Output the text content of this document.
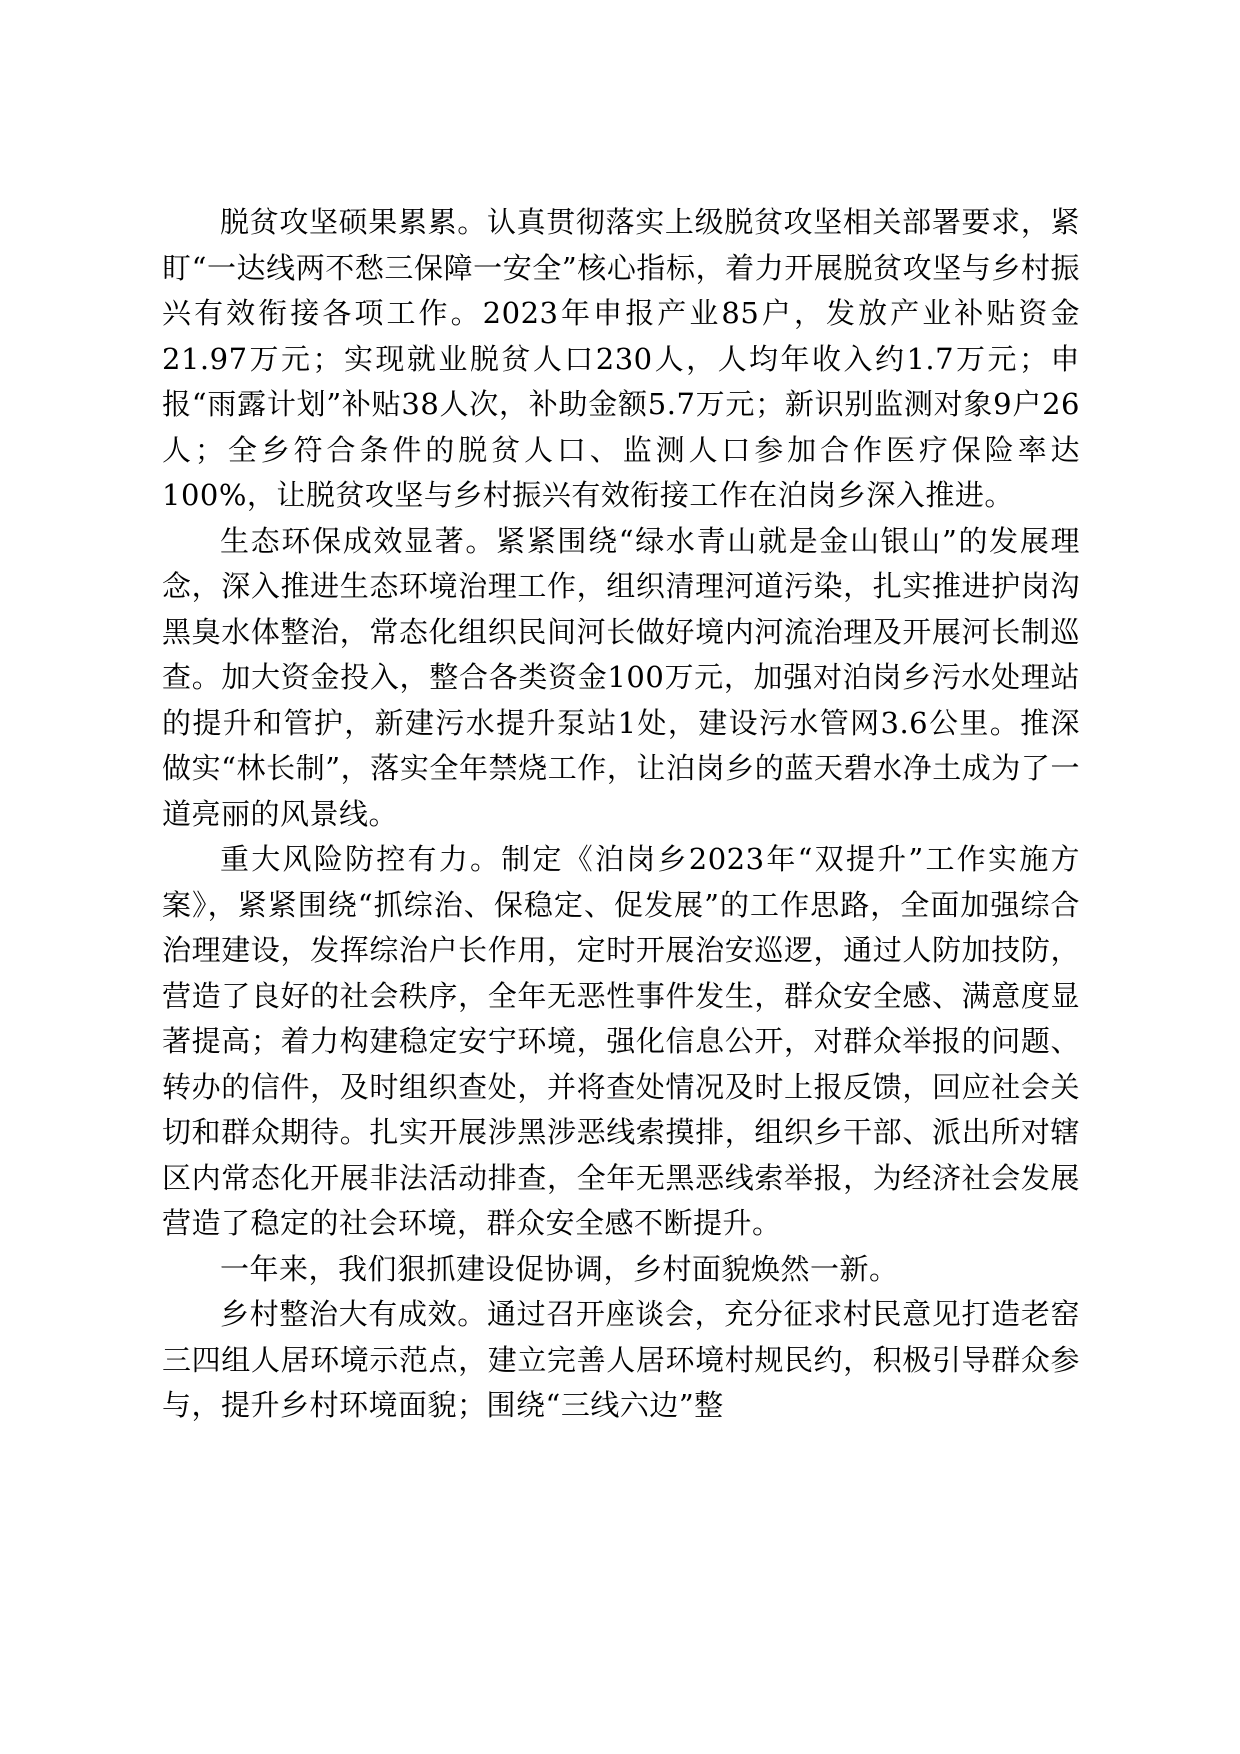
脱贫攻坚硕果累累。认真贯彻落实上级脱贫攻坚相关部署要求，紧盯“一达线两不愁三保障一安全”核心指标，着力开展脱贫攻坚与乡村振兴有效衔接各项工作。2023年申报产业85户，发放产业补贴资金21.97万元；实现就业脱贫人口230人，人均年收入约1.7万元；申报“雨露计划”补贴38人次，补助金额5.7万元；新识别监测对象9户26人；全乡符合条件的脱贫人口、监测人口参加合作医疗保险率达100%，让脱贫攻坚与乡村振兴有效衔接工作在泊岗乡深入推进。

生态环保成效显著。紧紧围绕“绿水青山就是金山银山”的发展理念，深入推进生态环境治理工作，组织清理河道污染，扎实推进护岗沟黑臭水体整治，常态化组织民间河长做好境内河流治理及开展河长制巡查。加大资金投入，整合各类资金100万元，加强对泊岗乡污水处理站的提升和管护，新建污水提升泵站1处，建设污水管网3.6公里。推深做实“林长制”，落实全年禁烧工作，让泊岗乡的蓝天碧水净土成为了一道亮丽的风景线。

重大风险防控有力。制定《泊岗乡2023年“双提升”工作实施方案》，紧紧围绕“抓综治、保稳定、促发展”的工作思路，全面加强综合治理建设，发挥综治户长作用，定时开展治安巡逻，通过人防加技防，营造了良好的社会秩序，全年无恶性事件发生，群众安全感、满意度显著提高；着力构建稳定安宁环境，强化信息公开，对群众举报的问题、转办的信件，及时组织查处，并将查处情况及时上报反馈，回应社会关切和群众期待。扎实开展涉黑涉恶线索摸排，组织乡干部、派出所对辖区内常态化开展非法活动排查，全年无黑恶线索举报，为经济社会发展营造了稳定的社会环境，群众安全感不断提升。

一年来，我们狠抓建设促协调，乡村面貌焕然一新。

乡村整治大有成效。通过召开座谈会，充分征求村民意见打造老窑三四组人居环境示范点，建立完善人居环境村规民约，积极引导群众参与，提升乡村环境面貌；围绕“三线六边”整
